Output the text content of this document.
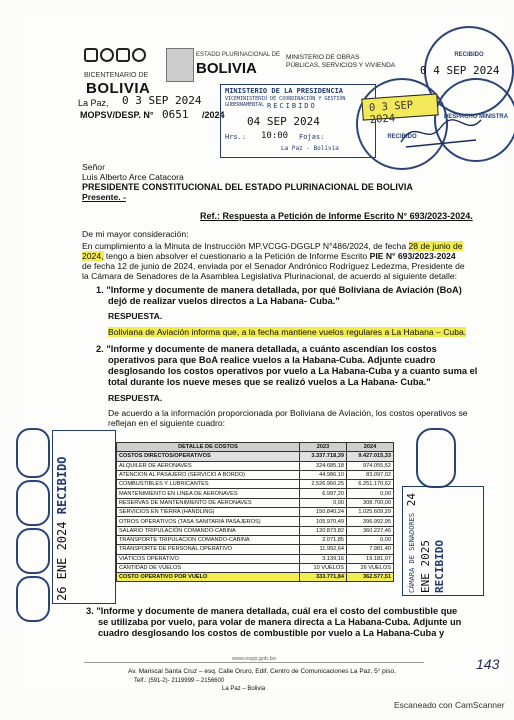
BICENTENARIO DE
BOLIVIA
ESTADO PLURINACIONAL DE
BOLIVIA
MINISTERIO DE OBRAS
PÚBLICAS, SERVICIOS Y VIVIENDA
La Paz, 0 3 SEP 2024
MOPSV/DESP. N° 0651 /2024
MINISTERIO DE LA PRESIDENCIA
VICEMINISTERIO DE COORDINACIÓN Y GESTIÓN GUBERNAMENTAL RECIBIDO
04 SEP 2024
Hrs.: 10:00 Fojas:
La Paz - Bolivia
RECIBIDO
RECIBIDO
DESPACHO MINISTRA
0 4 SEP 2024
0 3 SEP 2024
Señor
Luis Alberto Arce Catacora
PRESIDENTE CONSTITUCIONAL DEL ESTADO PLURINACIONAL DE BOLIVIA
Presente. -
Ref.: Respuesta a Petición de Informe Escrito N° 693/2023-2024.
De mi mayor consideración:
En cumplimiento a la Minuta de Instrucción MP.VCGG-DGGLP N°486/2024, de fecha 28 de junio de
2024, tengo a bien absolver el cuestionario a la Petición de Informe Escrito PIE N° 693/2023-2024
de fecha 12 de junio de 2024, enviada por el Senador Andrónico Rodríguez Ledezma, Presidente de
la Cámara de Senadores de la Asamblea Legislativa Plurinacional, de acuerdo al siguiente detalle:
1. "Informe y documente de manera detallada, por qué Boliviana de Aviación (BoA)
dejó de realizar vuelos directos a La Habana- Cuba."
RESPUESTA.
Boliviana de Aviación informa que, a la fecha mantiene vuelos regulares a La Habana – Cuba.
2. "Informe y documente de manera detallada, a cuánto ascendían los costos
operativos para que BoA realice vuelos a la Habana-Cuba. Adjunte cuadro
desglosando los costos operativos por vuelo a La Habana-Cuba y a cuanto suma el
total durante los nueve meses que se realizó vuelos a La Habana- Cuba."
RESPUESTA.
De acuerdo a la información proporcionada por Boliviana de Aviación, los costos operativos se
reflejan en el siguiente cuadro:
DETALLE DE COSTOS	2023	2024
COSTOS DIRECTOS/OPERATIVOS	3.337.718,39	9.427.015,33
ALQUILER DE AERONAVES	324.685,18	974.055,52
ATENCION AL PASAJERO (SERVICIO A BORDO)	44.986,10	83.097,02
COMBUSTIBLES Y LUBRICANTES	2.526.960,25	6.251.170,62
MANTENIMIENTO EN LINEA DE AERONAVES	6.997,20	0,00
RESERVAS DE MANTENIMIENTO DE AERONAVES	0,00	308.700,00
SERVICIOS EN TIERRA (HANDLING)	150.840,24	1.025.609,29
OTROS OPERATIVOS (TASA SANITARIA PASAJEROS)	105.970,49	396.992,95
SALARIO TRIPULACIÓN COMANDO-CABINA	120.873,82	360.227,46
TRANSPORTE TRIPULACION COMANDO-CABINA	2.071,85	0,00
TRANSPORTE DE PERSONAL OPERATIVO	11.992,64	7.981,40
VIÁTICOS OPERATIVO	3.139,16	19.181,07
CANTIDAD DE VUELOS	10 VUELOS	26 VUELOS
COSTO OPERATIVO POR VUELO	333.771,84	362.577,51
26 ENE 2024 RECIBIDO
CÁMARA DE SENADORES 24 ENE 2025 RECIBIDO
3. "Informe y documente de manera detallada, cuál era el costo del combustible que
se utilizaba por vuelo, para volar de manera directa a La Habana-Cuba. Adjunte un
cuadro desglosando los costos de combustible por vuelo a La Habana-Cuba y
www.oopp.gob.bo
Av. Mariscal Santa Cruz – esq. Calle Oruro, Edif. Centro de Comunicaciones La Paz, 5° piso,
Telf.: (591-2)- 2119999 – 2156600
La Paz – Bolivia
143
Escaneado con CamScanner
